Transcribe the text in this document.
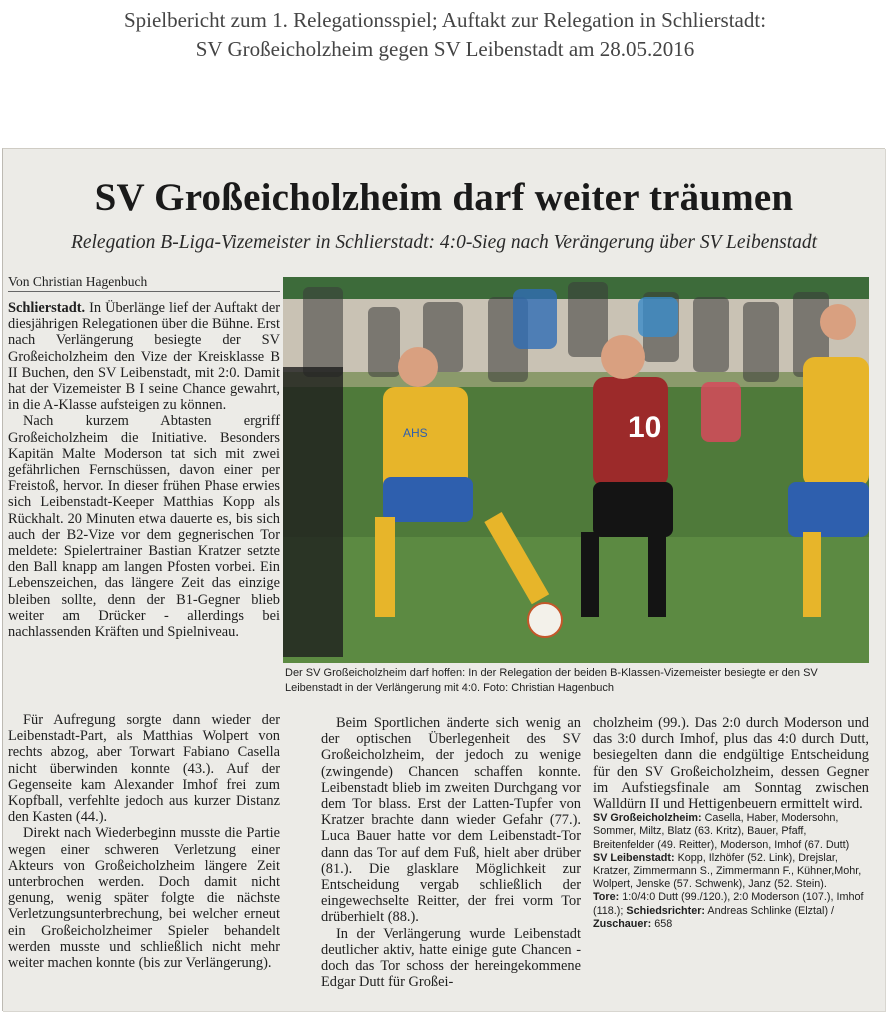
Spielbericht zum 1. Relegationsspiel; Auftakt zur Relegation in Schlierstadt:
SV Großeicholzheim gegen SV Leibenstadt am 28.05.2016
SV Großeicholzheim darf weiter träumen
Relegation B-Liga-Vizemeister in Schlierstadt: 4:0-Sieg nach Verängerung über SV Leibenstadt
Von Christian Hagenbuch

Schlierstadt. In Überlänge lief der Auftakt der diesjährigen Relegationen über die Bühne. Erst nach Verlängerung besiegte der SV Großeicholzheim den Vize der Kreisklasse B II Buchen, den SV Leibenstadt, mit 2:0. Damit hat der Vizemeister B I seine Chance gewahrt, in die A-Klasse aufsteigen zu können.

Nach kurzem Abtasten ergriff Großeicholzheim die Initiative. Besonders Kapitän Malte Moderson tat sich mit zwei gefährlichen Fernschüssen, davon einer per Freistoß, hervor. In dieser frühen Phase erwies sich Leibenstadt-Keeper Matthias Kopp als Rückhalt. 20 Minuten etwa dauerte es, bis sich auch der B2-Vize vor dem gegnerischen Tor meldete: Spielertrainer Bastian Kratzer setzte den Ball knapp am langen Pfosten vorbei. Ein Lebenszeichen, das längere Zeit das einzige bleiben sollte, denn der B1-Gegner blieb weiter am Drücker - allerdings bei nachlassenden Kräften und Spielniveau.

Für Aufregung sorgte dann wieder der Leibenstadt-Part, als Matthias Wolpert von rechts abzog, aber Torwart Fabiano Casella nicht überwinden konnte (43.). Auf der Gegenseite kam Alexander Imhof frei zum Kopfball, verfehlte jedoch aus kurzer Distanz den Kasten (44.).

Direkt nach Wiederbeginn musste die Partie wegen einer schweren Verletzung einer Akteurs von Großeicholzheim längere Zeit unterbrochen werden. Doch damit nicht genung, wenig später folgte die nächste Verletzungsunterbrechung, bei welcher erneut ein Großeicholzheimer Spieler behandelt werden musste und schließlich nicht mehr weiter machen konnte (bis zur Verlängerung).

AHS	10
Der SV Großeicholzheim darf hoffen: In der Relegation der beiden B-Klassen-Vizemeister besiegte er den SV Leibenstadt in der Verlängerung mit 4:0. Foto: Christian Hagenbuch

Beim Sportlichen änderte sich wenig an der optischen Überlegenheit des SV Großeicholzheim, der jedoch zu wenige (zwingende) Chancen schaffen konnte. Leibenstadt blieb im zweiten Durchgang vor dem Tor blass. Erst der Latten-Tupfer von Kratzer brachte dann wieder Gefahr (77.). Luca Bauer hatte vor dem Leibenstadt-Tor dann das Tor auf dem Fuß, hielt aber drüber (81.). Die glasklare Möglichkeit zur Entscheidung vergab schließlich der eingewechselte Reitter, der frei vorm Tor drüberhielt (88.).

In der Verlängerung wurde Leibenstadt deutlicher aktiv, hatte einige gute Chancen - doch das Tor schoss der hereingekommene Edgar Dutt für Großei-

cholzheim (99.). Das 2:0 durch Moderson und das 3:0 durch Imhof, plus das 4:0 durch Dutt, besiegelten dann die endgültige Entscheidung für den SV Großeicholzheim, dessen Gegner im Aufstiegsfinale am Sonntag zwischen Walldürn II und Hettigenbeuern ermittelt wird.

SV Großeicholzheim: Casella, Haber, Modersohn, Sommer, Miltz, Blatz (63. Kritz), Bauer, Pfaff, Breitenfelder (49. Reitter), Moderson, Imhof (67. Dutt)

SV Leibenstadt: Kopp, Ilzhöfer (52. Link), Drejslar, Kratzer, Zimmermann S., Zimmermann F., Kühner,Mohr, Wolpert, Jenske (57. Schwenk), Janz (52. Stein).

Tore: 1:0/4:0 Dutt (99./120.), 2:0 Moderson (107.), Imhof (118.); Schiedsrichter: Andreas Schlinke (Elztal) / Zuschauer: 658
